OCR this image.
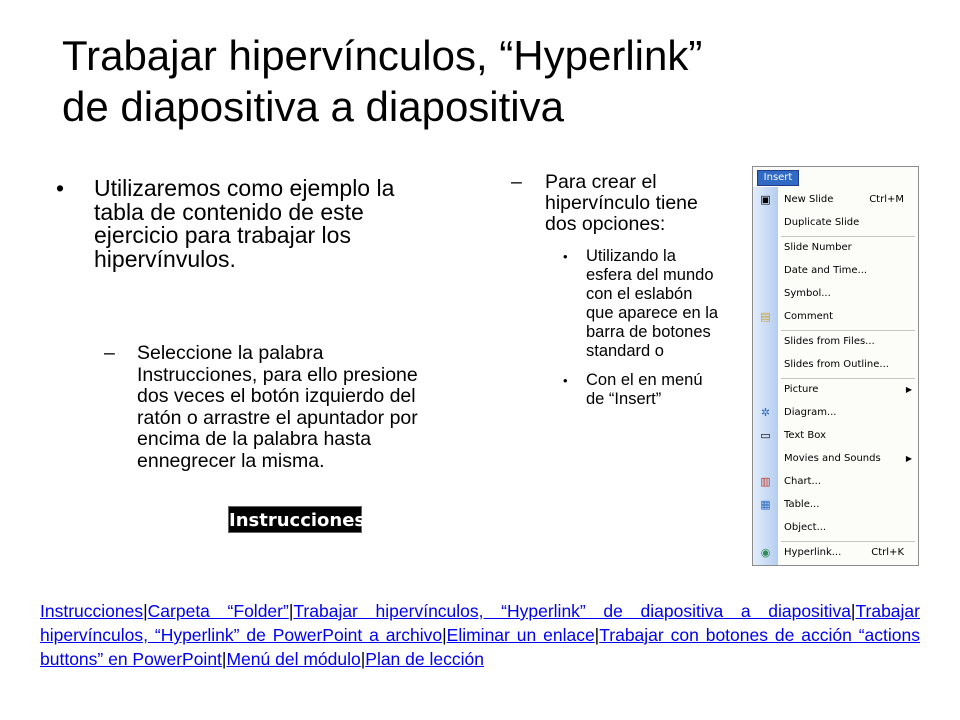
Trabajar hipervínculos, “Hyperlink”
de diapositiva a diapositiva
• Utilizaremos como ejemplo la tabla de contenido de este ejercicio para trabajar los hipervínvulos.
– Seleccione la palabra Instrucciones, para ello presione dos veces el botón izquierdo del ratón o arrastre el apuntador por encima de la palabra hasta ennegrecer la misma.
Instrucciones
– Para crear el hipervínculo tiene dos opciones:
• Utilizando la esfera del mundo con el eslabón que aparece en la barra de botones standard o
• Con el en menú de “Insert”
Insert
▣ New Slide	Ctrl+M
Duplicate Slide
Slide Number
Date and Time...
Symbol...
▤ Comment
Slides from Files...
Slides from Outline...
Picture	▶
✲ Diagram...
▭ Text Box
Movies and Sounds	▶
▥ Chart...
▦ Table...
Object...
◉ Hyperlink...	Ctrl+K
Instrucciones|Carpeta “Folder”|Trabajar hipervínculos, “Hyperlink” de diapositiva a diapositiva|Trabajar hipervínculos, “Hyperlink” de PowerPoint a archivo|Eliminar un enlace|Trabajar con botones de acción “actions buttons” en PowerPoint|Menú del módulo|Plan de lección
